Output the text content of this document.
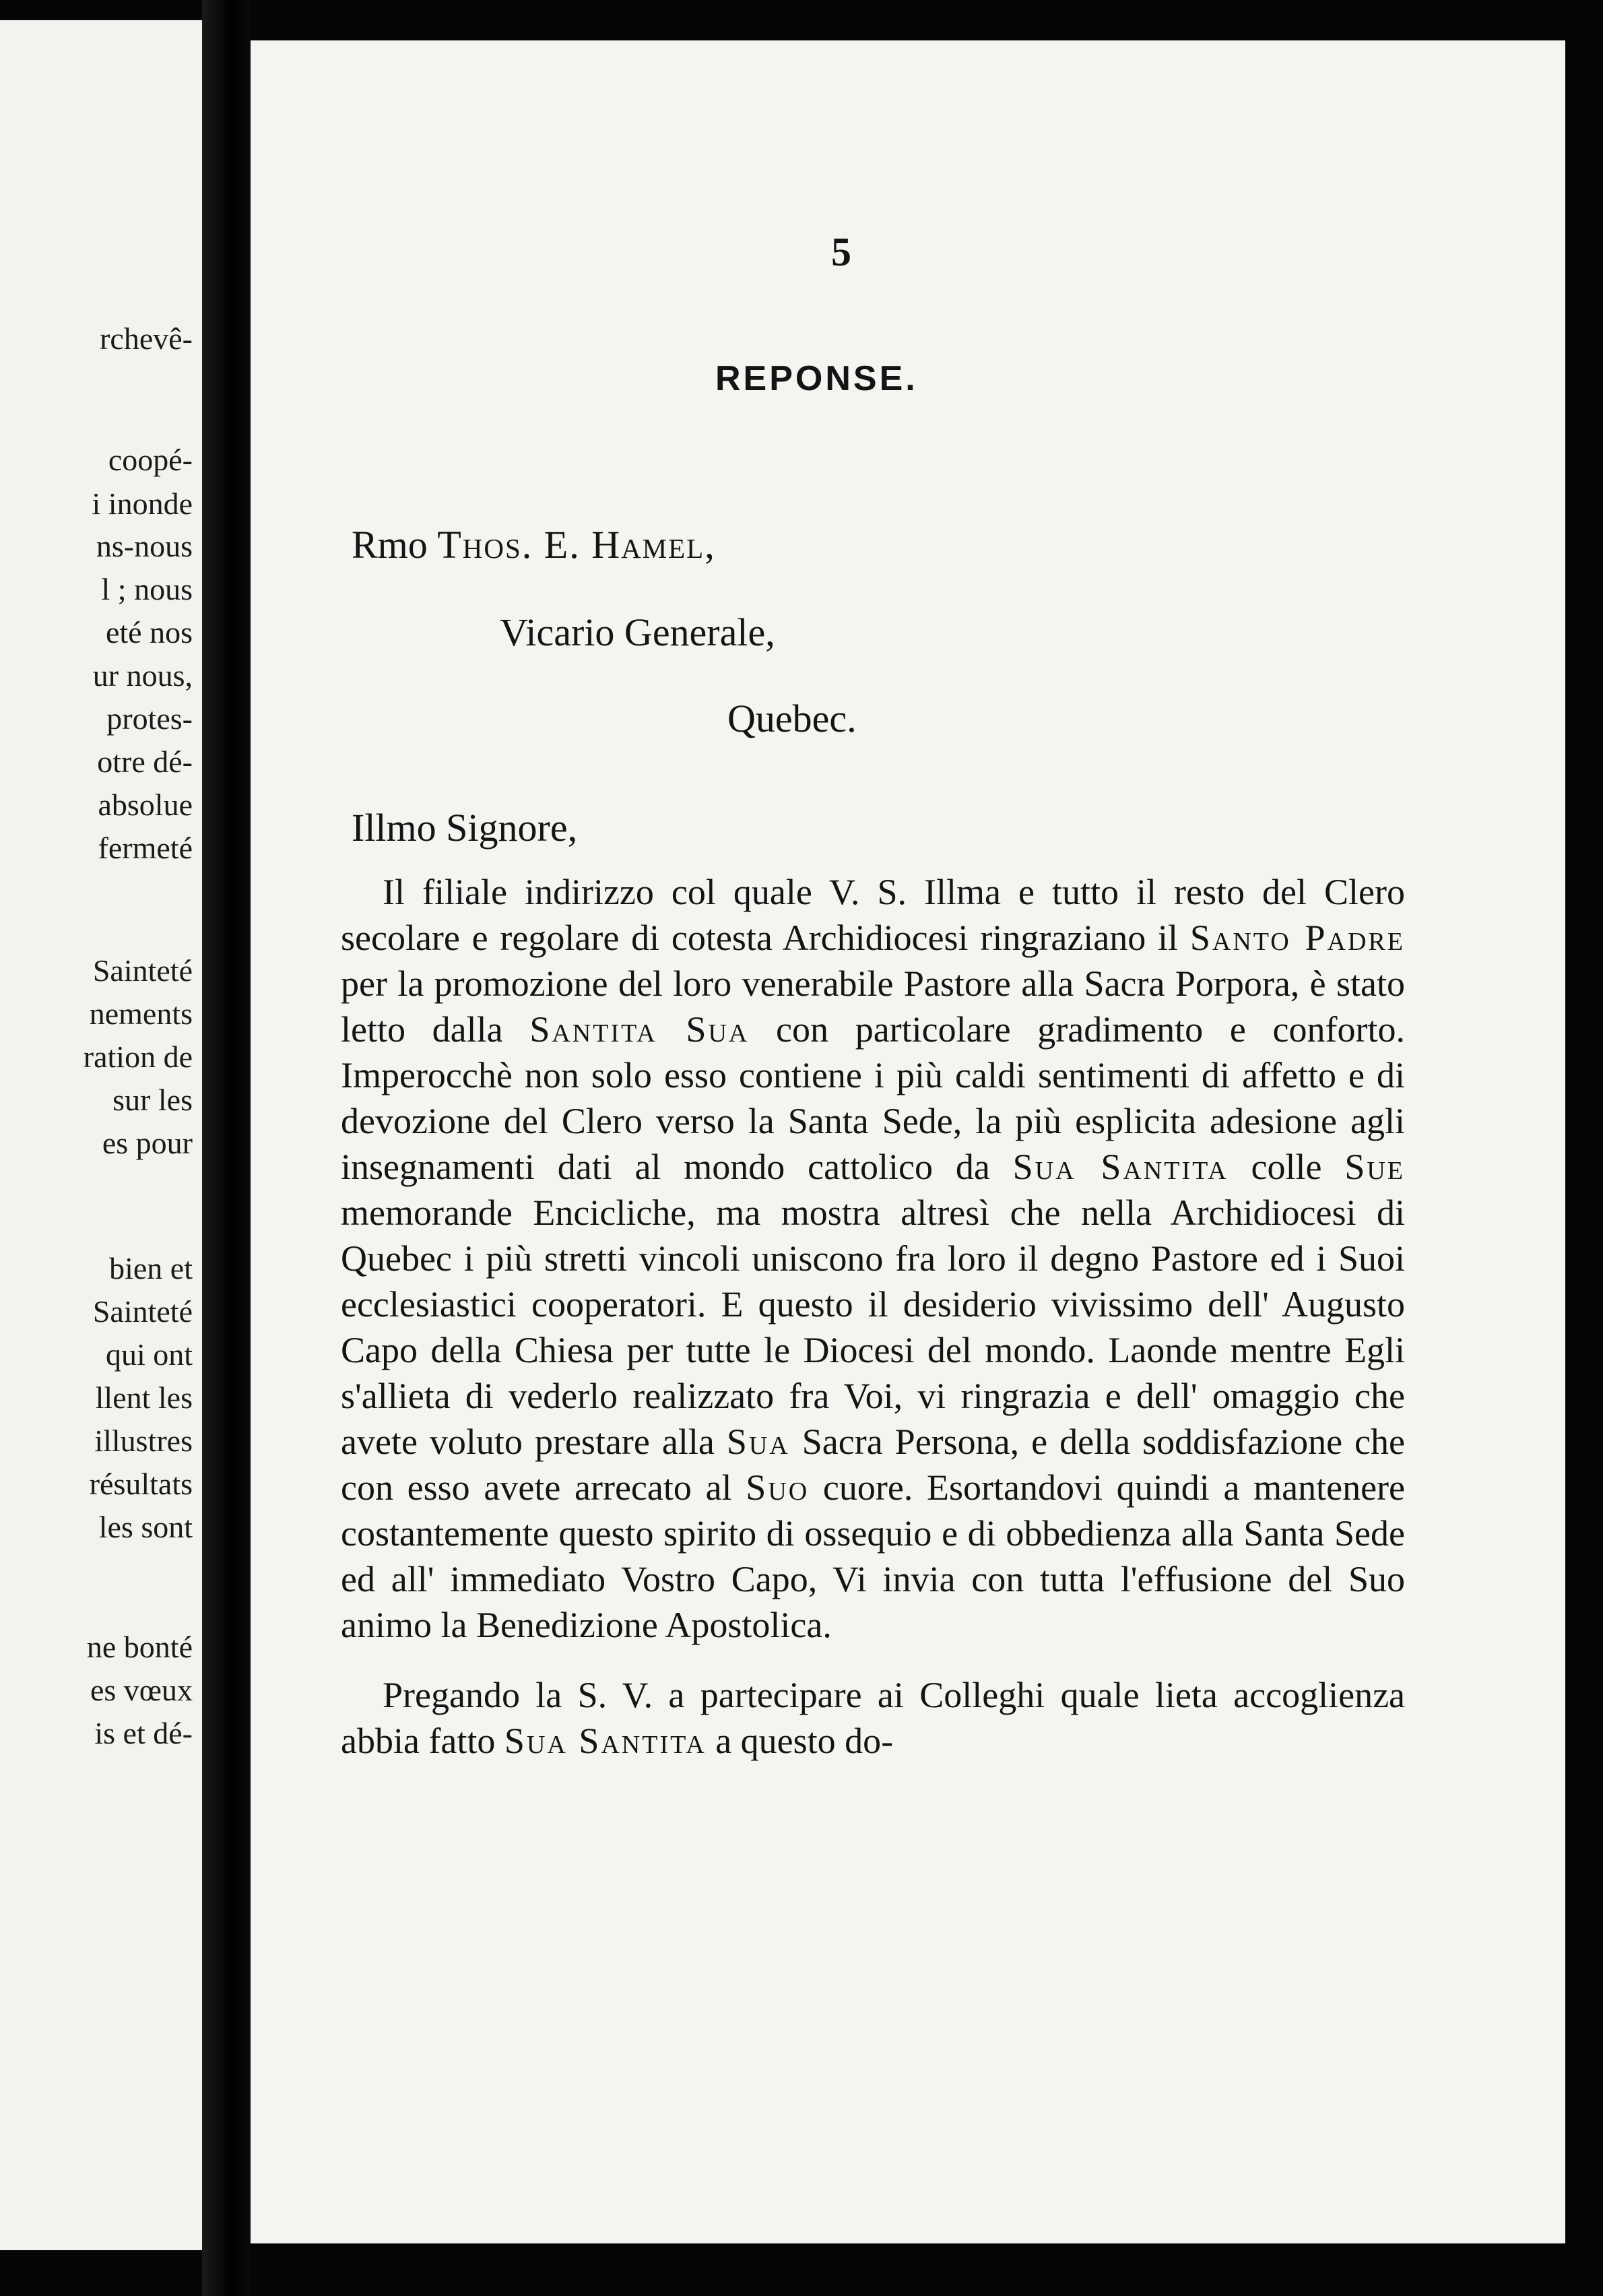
rchevê-
coopé-
i inonde
ns-nous
l ; nous
eté nos
ur nous,
protes-
otre dé-
absolue
fermeté
Sainteté
nements
ration de
sur les
es pour
bien et
Sainteté
qui ont
llent les
illustres
résultats
les sont
ne bonté
es vœux
is et dé-
5
REPONSE.
Rmo Thos. E. Hamel,
Vicario Generale,
Quebec.
Illmo Signore,

Il filiale indirizzo col quale V. S. Illma e tutto il resto del Clero secolare e regolare di cotesta Archidiocesi ringraziano il Santo Padre per la promozione del loro venerabile Pastore alla Sacra Porpora, è stato letto dalla Santita Sua con particolare gradimento e conforto. Imperocchè non solo esso contiene i più caldi sentimenti di affetto e di devozione del Clero verso la Santa Sede, la più esplicita adesione agli insegnamenti dati al mondo cattolico da Sua Santita colle Sue memorande Encicliche, ma mostra altresì che nella Archidiocesi di Quebec i più stretti vincoli uniscono fra loro il degno Pastore ed i Suoi ecclesiastici cooperatori. E questo il desiderio vivissimo dell' Augusto Capo della Chiesa per tutte le Diocesi del mondo. Laonde mentre Egli s'allieta di vederlo realizzato fra Voi, vi ringrazia e dell' omaggio che avete voluto prestare alla Sua Sacra Persona, e della soddisfazione che con esso avete arrecato al Suo cuore. Esortandovi quindi a mantenere costantemente questo spirito di ossequio e di obbedienza alla Santa Sede ed all' immediato Vostro Capo, Vi invia con tutta l'effusione del Suo animo la Benedizione Apostolica.

Pregando la S. V. a partecipare ai Colleghi quale lieta accoglienza abbia fatto Sua Santita a questo do-
